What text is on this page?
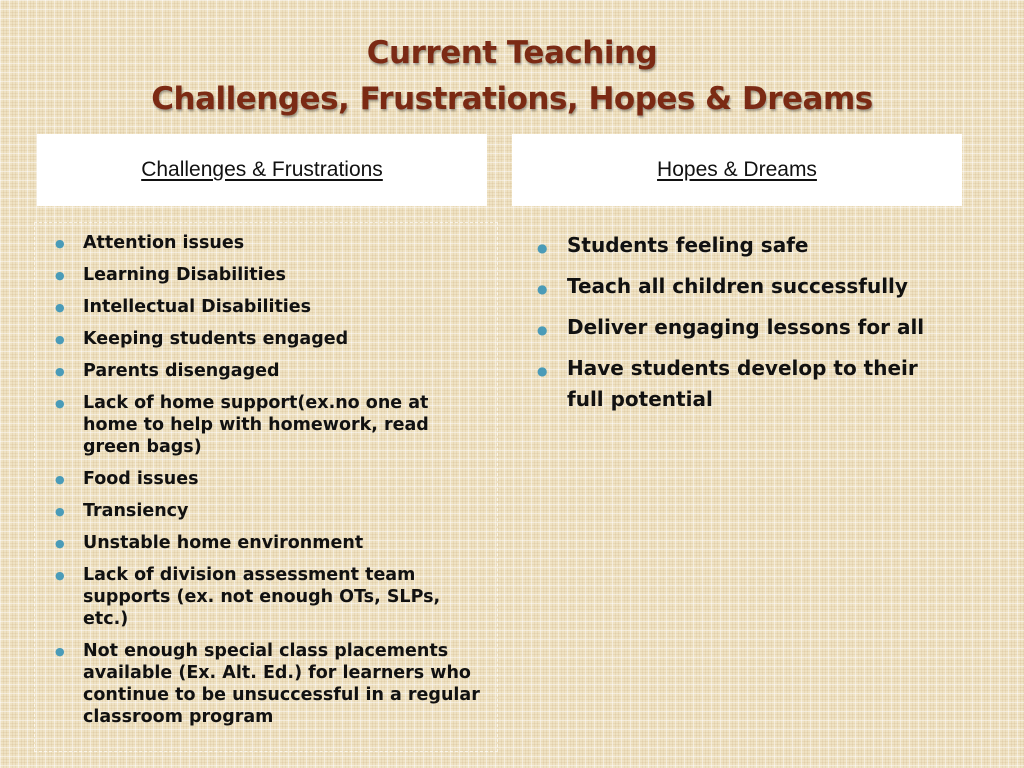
Current Teaching
Challenges, Frustrations, Hopes & Dreams
Challenges & Frustrations	Hopes & Dreams
● Attention issues
● Learning Disabilities
● Intellectual Disabilities
● Keeping students engaged
● Parents disengaged
● Lack of home support(ex.no one at home to help with homework, read green bags)
● Food issues
● Transiency
● Unstable home environment
● Lack of division assessment team supports (ex. not enough OTs, SLPs, etc.)
● Not enough special class placements available (Ex. Alt. Ed.) for learners who continue to be unsuccessful in a regular classroom program
● Students feeling safe
● Teach all children successfully
● Deliver engaging lessons for all
● Have students develop to their full potential
